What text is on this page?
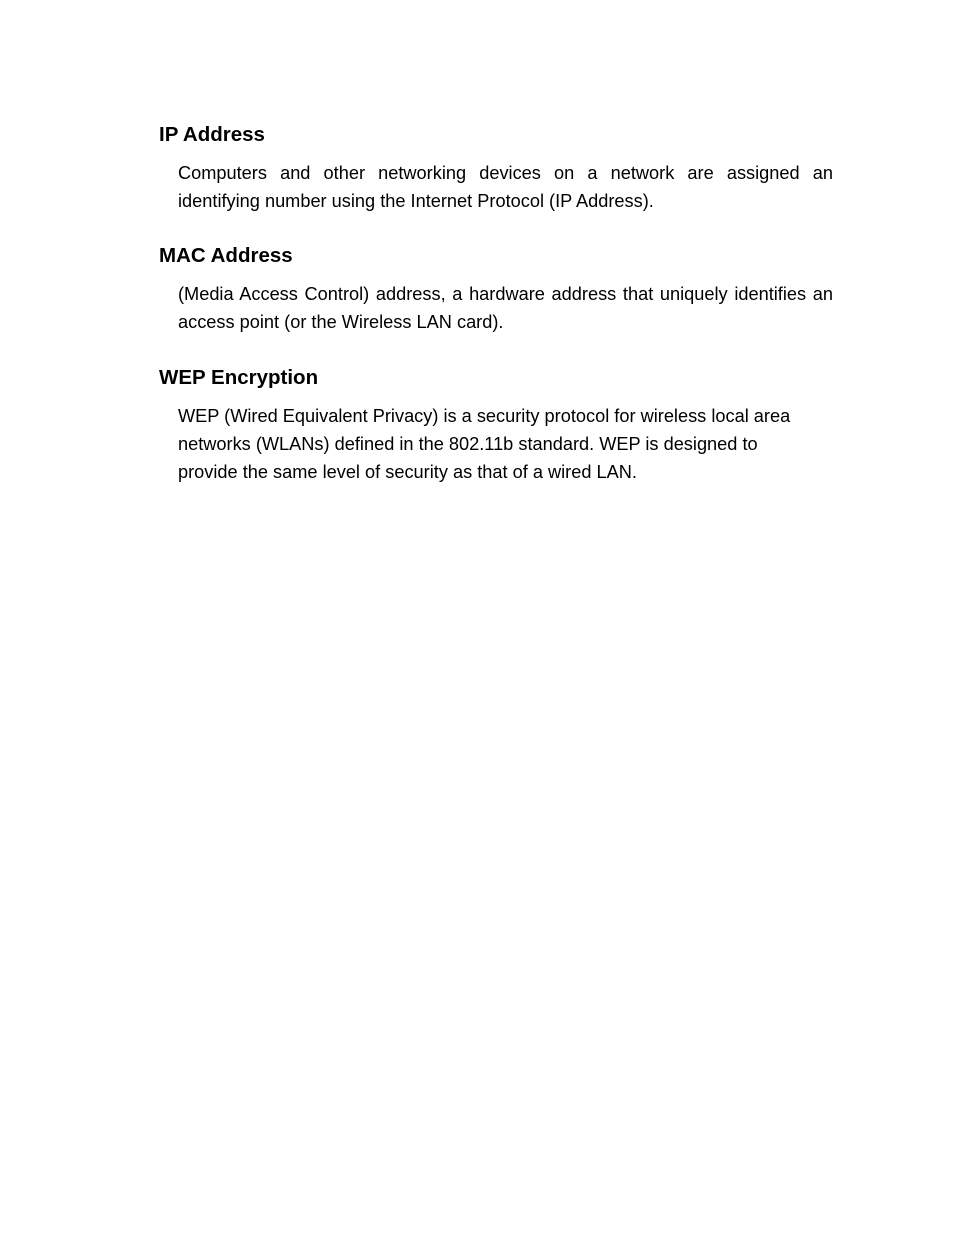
IP Address

Computers and other networking devices on a network are assigned an identifying number using the Internet Protocol (IP Address).

MAC Address

(Media Access Control) address, a hardware address that uniquely identifies an access point (or the Wireless LAN card).

WEP Encryption

WEP (Wired Equivalent Privacy) is a security protocol for wireless local area
networks (WLANs) defined in the 802.11b standard. WEP is designed to
provide the same level of security as that of a wired LAN.
